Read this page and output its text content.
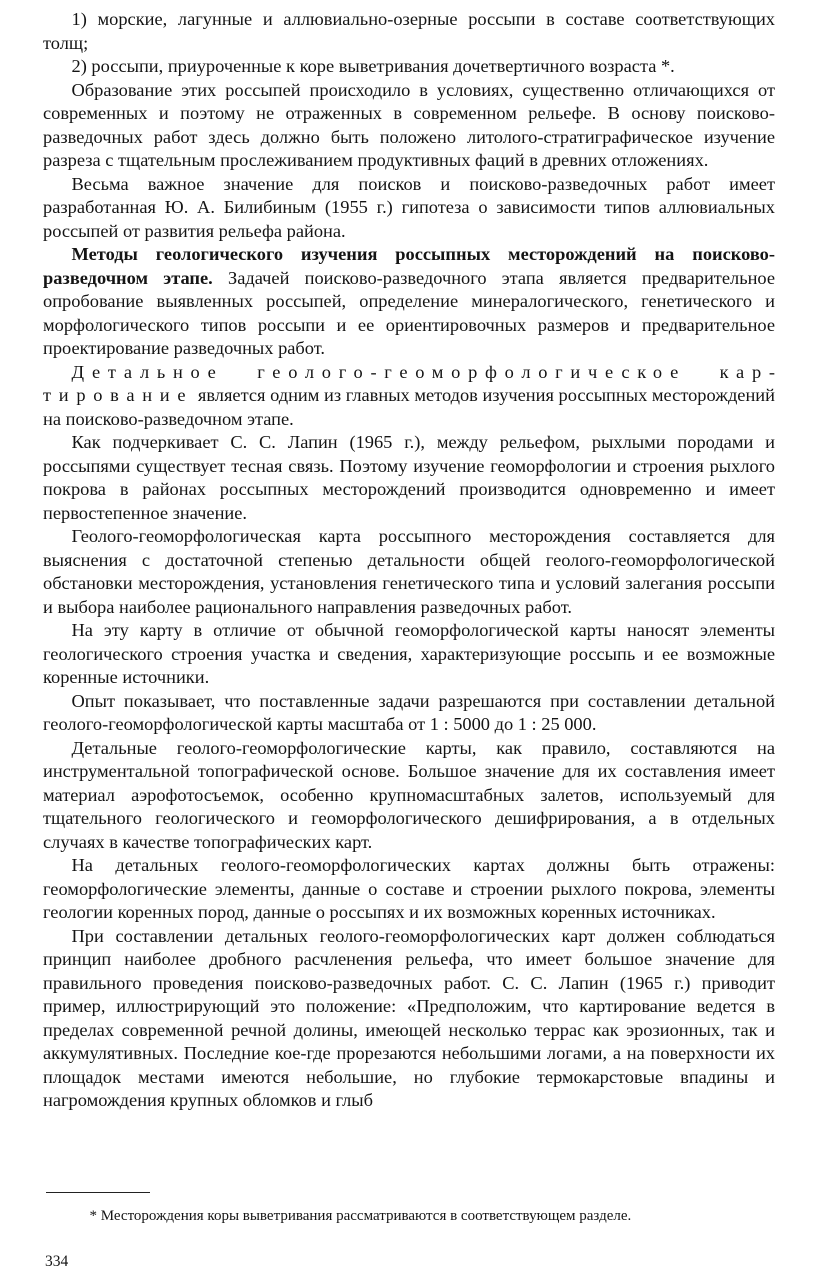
1) морские, лагунные и аллювиально-озерные россыпи в составе соответствующих толщ;

2) россыпи, приуроченные к коре выветривания дочетвертичного возраста *.

Образование этих россыпей происходило в условиях, существенно отличающихся от современных и поэтому не отраженных в современном рельефе. В основу поисково-разведочных работ здесь должно быть положено литолого-стратиграфическое изучение разреза с тщательным прослеживанием продуктивных фаций в древних отложениях.

Весьма важное значение для поисков и поисково-разведочных работ имеет разработанная Ю. А. Билибиным (1955 г.) гипотеза о зависимости типов аллювиальных россыпей от развития рельефа района.

Методы геологического изучения россыпных месторождений на поисково-разведочном этапе. Задачей поисково-разведочного этапа является предварительное опробование выявленных россыпей, определение минералогического, генетического и морфологического типов россыпи и ее ориентировочных размеров и предварительное проектирование разведочных работ.

Детальное геолого-геоморфологическое картирование является одним из главных методов изучения россыпных месторождений на поисково-разведочном этапе.

Как подчеркивает С. С. Лапин (1965 г.), между рельефом, рыхлыми породами и россыпями существует тесная связь. Поэтому изучение геоморфологии и строения рыхлого покрова в районах россыпных месторождений производится одновременно и имеет первостепенное значение.

Геолого-геоморфологическая карта россыпного месторождения составляется для выяснения с достаточной степенью детальности общей геолого-геоморфологической обстановки месторождения, установления генетического типа и условий залегания россыпи и выбора наиболее рационального направления разведочных работ.

На эту карту в отличие от обычной геоморфологической карты наносят элементы геологического строения участка и сведения, характеризующие россыпь и ее возможные коренные источники.

Опыт показывает, что поставленные задачи разрешаются при составлении детальной геолого-геоморфологической карты масштаба от 1 : 5000 до 1 : 25 000.

Детальные геолого-геоморфологические карты, как правило, составляются на инструментальной топографической основе. Большое значение для их составления имеет материал аэрофотосъемок, особенно крупномасштабных залетов, используемый для тщательного геологического и геоморфологического дешифрирования, а в отдельных случаях в качестве топографических карт.

На детальных геолого-геоморфологических картах должны быть отражены: геоморфологические элементы, данные о составе и строении рыхлого покрова, элементы геологии коренных пород, данные о россыпях и их возможных коренных источниках.

При составлении детальных геолого-геоморфологических карт должен соблюдаться принцип наиболее дробного расчленения рельефа, что имеет большое значение для правильного проведения поисково-разведочных работ. С. С. Лапин (1965 г.) приводит пример, иллюстрирующий это положение: «Предположим, что картирование ведется в пределах современной речной долины, имеющей несколько террас как эрозионных, так и аккумулятивных. Последние кое-где прорезаются небольшими логами, а на поверхности их площадок местами имеются небольшие, но глубокие термокарстовые впадины и нагромождения крупных обломков и глыб

* Месторождения коры выветривания рассматриваются в соответствующем разделе.

334
